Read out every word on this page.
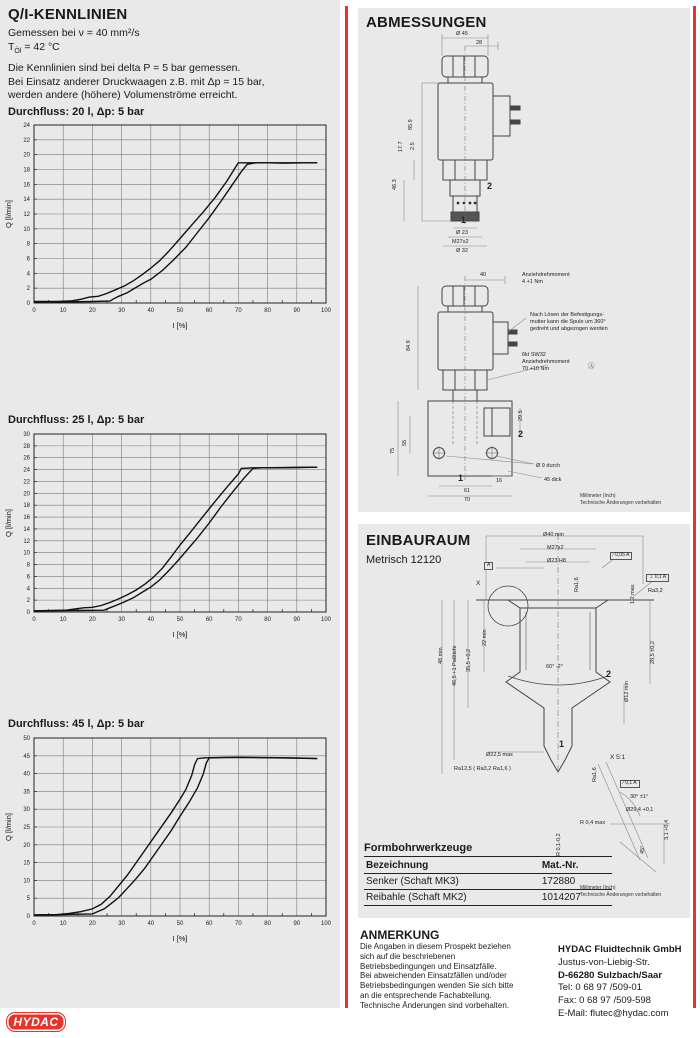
Q/I-KENNLINIEN
Gemessen bei ν = 40 mm²/s
$T_{Öl} = 42$ °C
Die Kennlinien sind bei delta P = 5 bar gemessen.
Bei Einsatz anderer Druckwaagen z.B. mit Δp = 15 bar,
werden andere (höhere) Volumenströme erreicht.
Durchfluss: 20 l, Δp: 5 bar
0	10	20	30	40	50	60	70	80	90	100
0
2
4
6
8
10
12
14
16
18
20
22
24
I [%]
Q [l/min]
Durchfluss: 25 l, Δp: 5 bar
0	10	20	30	40	50	60	70	80	90	100
0
2
4
6
8
10
12
14
16
18
20
22
24
26
28
30
I [%]
Q [l/min]
Durchfluss: 45 l, Δp: 5 bar
0	10	20	30	40	50	60	70	80	90	100
0
5
10
15
20
25
30
35
40
45
50
I [%]
Q [l/min]
ABMESSUNGEN
Ø 45
28
85.9
17.7 2.5
46.3	2
1
Ø 23
M27x2
Ø 32
40	Anziehdrehmoment
4 +1 Nm
Nach Lösen der Befestigungs-
mutter kann die Spule um 360°
gedreht und abgezogen werden
6kt SW32
Anziehdrehmoment
70 +10 Nm	Ⓐ
84.9
75
55
29.5
2
Ø 9 durch
45 dick
1	16
61
70
Millimeter (Inch)
Technische Änderungen vorbehalten
EINBAURAUM
Metrisch 12120
Formbohrwerkzeuge
Bezeichnung	Mat.-Nr.
Senker (Schaft MK3)	172880
Reibahle (Schaft MK2)	1014207
Ø40 min
M27x2
Ø23 H8
A
∕ 0,05 A
⊥ 0,1 A
X	Ra1,6	1,2 max Ra3,2
48 min 46,5 +1 Paßtiefe 35,5 +0,2
22 min
60° -2°
2
Ø12 min
28,5 ±0,2
1
Ø22,5 max
Ra12,5 ( Ra3,2 Ra1,6 )
X 5:1
Ra1,6
∕ 0,1 A
30° ±1°
Ø29,4 +0,1
R 0,4 max
R 0,1-0,2	45°
3,1 +0,4
Millimeter (Inch)
Technische Änderungen vorbehalten
ANMERKUNG
Die Angaben in diesem Prospekt beziehen
sich auf die beschriebenen
Betriebsbedingungen und Einsatzfälle.
Bei abweichenden Einsatzfällen und/oder
Betriebsbedingungen wenden Sie sich bitte
an die entsprechende Fachabteilung.
Technische Änderungen sind vorbehalten.
HYDAC Fluidtechnik GmbH
Justus-von-Liebig-Str.
D-66280 Sulzbach/Saar
Tel: 0 68 97 /509-01
Fax: 0 68 97 /509-598
E-Mail: flutec@hydac.com
HYDAC
